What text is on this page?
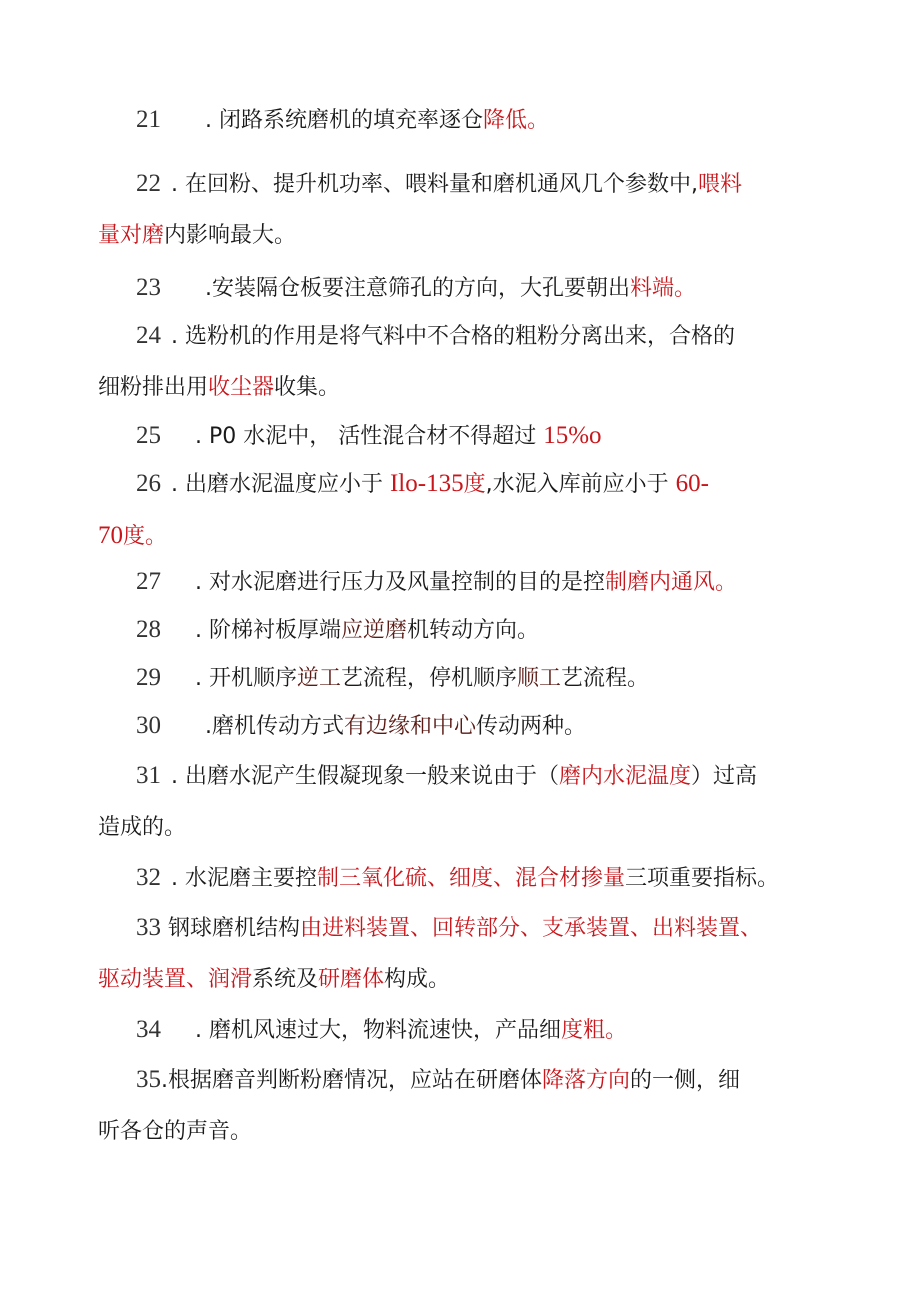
21 . 闭路系统磨机的填充率逐仓降低。
22 . 在回粉、提升机功率、喂料量和磨机通风几个参数中,喂料
量对磨内影响最大。
23 .安装隔仓板要注意筛孔的方向，大孔要朝出料端。
24 . 选粉机的作用是将气料中不合格的粗粉分离出来，合格的
细粉排出用收尘器收集。
25 . P0 水泥中， 活性混合材不得超过 15%o
26 . 出磨水泥温度应小于 Ilo-135度,水泥入库前应小于 60-
70度。
27 . 对水泥磨进行压力及风量控制的目的是控制磨内通风。
28 . 阶梯衬板厚端应逆磨机转动方向。
29 . 开机顺序逆工艺流程，停机顺序顺工艺流程。
30 .磨机传动方式有边缘和中心传动两种。
31 . 出磨水泥产生假凝现象一般来说由于（磨内水泥温度）过高
造成的。
32 . 水泥磨主要控制三氧化硫、细度、混合材掺量三项重要指标。
33 钢球磨机结构由进料装置、回转部分、支承装置、出料装置、
驱动装置、润滑系统及研磨体构成。
34 . 磨机风速过大，物料流速快，产品细度粗。
35.根据磨音判断粉磨情况，应站在研磨体降落方向的一侧，细
听各仓的声音。
